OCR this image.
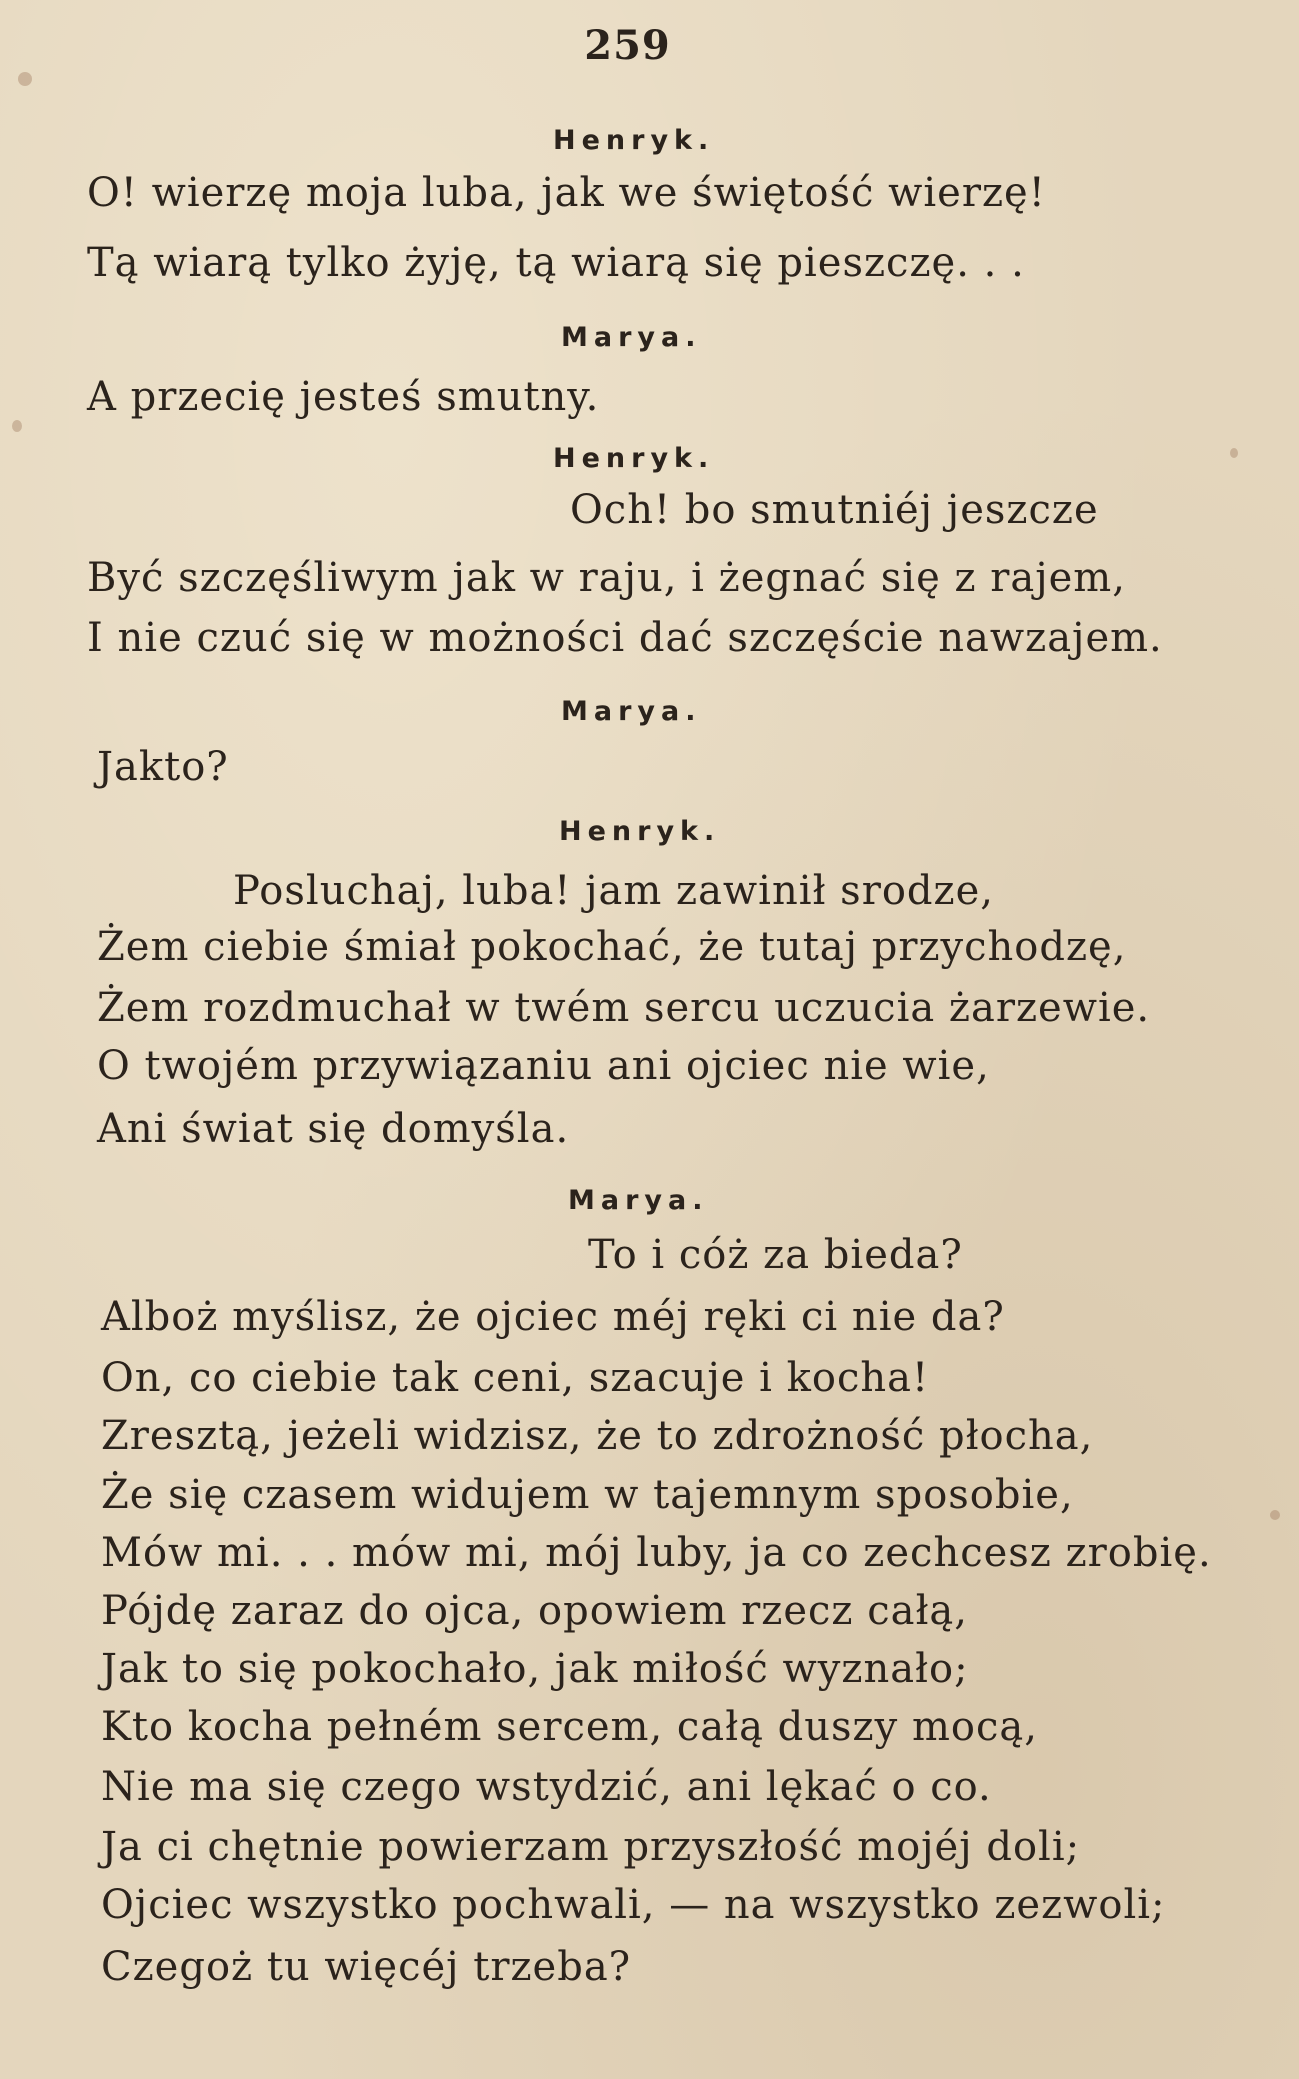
259
Henryk.
O! wierzę moja luba, jak we świętość wierzę!
Tą wiarą tylko żyję, tą wiarą się pieszczę. . .
Marya.
A przecię jesteś smutny.
Henryk.
Och! bo smutniéj jeszcze
Być szczęśliwym jak w raju, i żegnać się z rajem,
I nie czuć się w możności dać szczęście nawzajem.
Marya.
Jakto?
Henryk.
Posluchaj, luba! jam zawinił srodze,
Żem ciebie śmiał pokochać, że tutaj przychodzę,
Żem rozdmuchał w twém sercu uczucia żarzewie.
O twojém przywiązaniu ani ojciec nie wie,
Ani świat się domyśla.
Marya.
To i cóż za bieda?
Alboż myślisz, że ojciec méj ręki ci nie da?
On, co ciebie tak ceni, szacuje i kocha!
Zresztą, jeżeli widzisz, że to zdrożność płocha,
Że się czasem widujem w tajemnym sposobie,
Mów mi. . . mów mi, mój luby, ja co zechcesz zrobię.
Pójdę zaraz do ojca, opowiem rzecz całą,
Jak to się pokochało, jak miłość wyznało;
Kto kocha pełném sercem, całą duszy mocą,
Nie ma się czego wstydzić, ani lękać o co.
Ja ci chętnie powierzam przyszłość mojéj doli;
Ojciec wszystko pochwali, — na wszystko zezwoli;
Czegoż tu więcéj trzeba?
